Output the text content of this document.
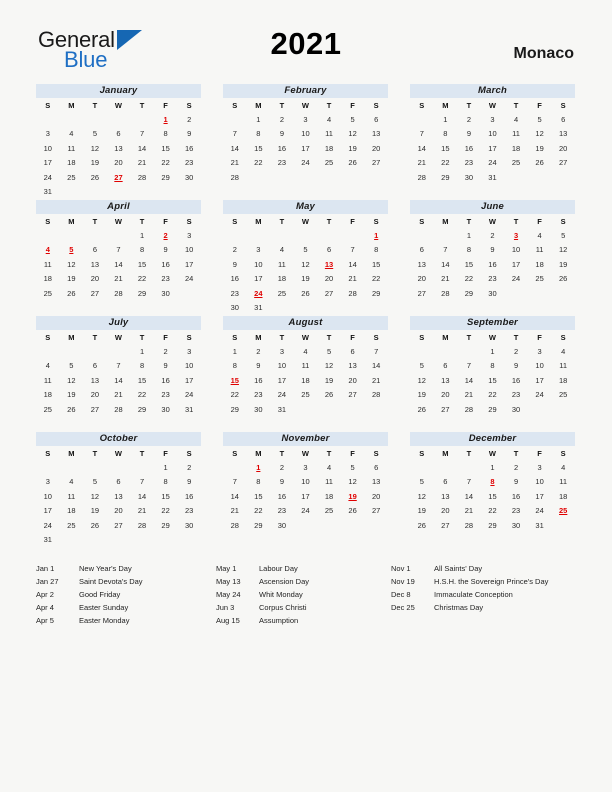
General
Blue	2021	Monaco
January
S	M	T	W	T	F	S
					1	2
3	4	5	6	7	8	9
10	11	12	13	14	15	16
17	18	19	20	21	22	23
24	25	26	27	28	29	30
31						
February
S	M	T	W	T	F	S
	1	2	3	4	5	6
7	8	9	10	11	12	13
14	15	16	17	18	19	20
21	22	23	24	25	26	27
28						

March
S	M	T	W	T	F	S
	1	2	3	4	5	6
7	8	9	10	11	12	13
14	15	16	17	18	19	20
21	22	23	24	25	26	27
28	29	30	31			

April
S	M	T	W	T	F	S
				1	2	3
4	5	6	7	8	9	10
11	12	13	14	15	16	17
18	19	20	21	22	23	24
25	26	27	28	29	30	

May
S	M	T	W	T	F	S
						1
2	3	4	5	6	7	8
9	10	11	12	13	14	15
16	17	18	19	20	21	22
23	24	25	26	27	28	29
30	31					
June
S	M	T	W	T	F	S
		1	2	3	4	5
6	7	8	9	10	11	12
13	14	15	16	17	18	19
20	21	22	23	24	25	26
27	28	29	30			

July
S	M	T	W	T	F	S
				1	2	3
4	5	6	7	8	9	10
11	12	13	14	15	16	17
18	19	20	21	22	23	24
25	26	27	28	29	30	31

August
S	M	T	W	T	F	S
1	2	3	4	5	6	7
8	9	10	11	12	13	14
15	16	17	18	19	20	21
22	23	24	25	26	27	28
29	30	31				

September
S	M	T	W	T	F	S
			1	2	3	4
5	6	7	8	9	10	11
12	13	14	15	16	17	18
19	20	21	22	23	24	25
26	27	28	29	30		

October
S	M	T	W	T	F	S
					1	2
3	4	5	6	7	8	9
10	11	12	13	14	15	16
17	18	19	20	21	22	23
24	25	26	27	28	29	30
31						
November
S	M	T	W	T	F	S
	1	2	3	4	5	6
7	8	9	10	11	12	13
14	15	16	17	18	19	20
21	22	23	24	25	26	27
28	29	30				

December
S	M	T	W	T	F	S
			1	2	3	4
5	6	7	8	9	10	11
12	13	14	15	16	17	18
19	20	21	22	23	24	25
26	27	28	29	30	31	

Jan 1	New Year's Day
Jan 27	Saint Devota's Day
Apr 2	Good Friday
Apr 4	Easter Sunday
Apr 5	Easter Monday
May 1	Labour Day
May 13	Ascension Day
May 24	Whit Monday
Jun 3	Corpus Christi
Aug 15	Assumption
Nov 1	All Saints' Day
Nov 19	H.S.H. the Sovereign Prince's Day
Dec 8	Immaculate Conception
Dec 25	Christmas Day
